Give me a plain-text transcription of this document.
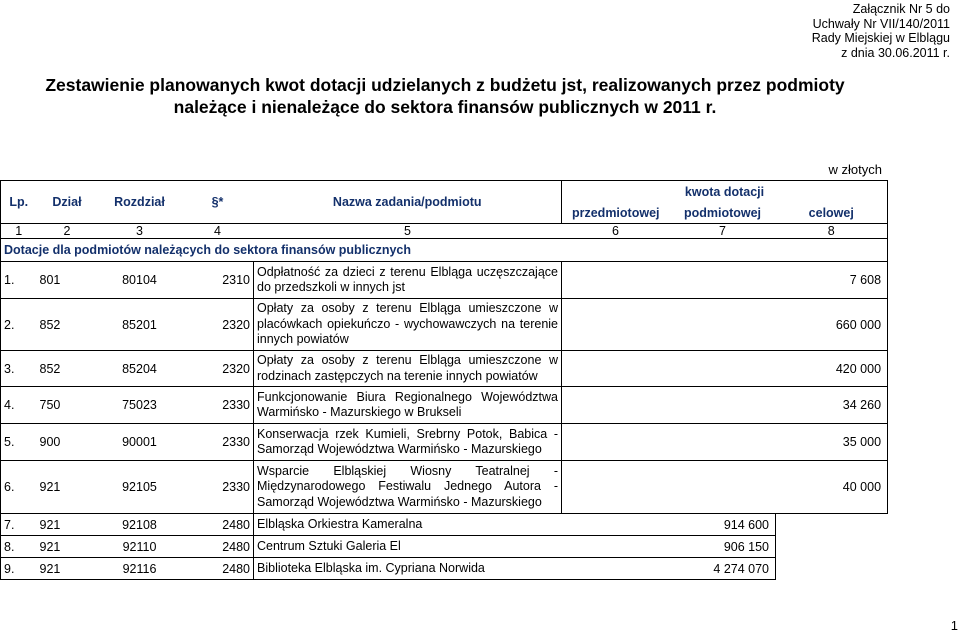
Załącznik Nr 5 do
Uchwały Nr VII/140/2011
Rady Miejskiej w Elblągu
z dnia 30.06.2011 r.
Zestawienie planowanych kwot dotacji udzielanych z budżetu jst, realizowanych przez podmioty
należące i nienależące do sektora finansów publicznych w 2011 r.
w złotych
Lp.	Dział	Rozdział	§*	Nazwa zadania/podmiotu	kwota dotacji		
					przedmiotowej	podmiotowej	celowej
1	2	3	4	5	6	7	8
Dotacje dla podmiotów należących do sektora finansów publicznych							
1.	801	80104	2310	Odpłatność za dzieci z terenu Elbląga uczęszczające
do przedszkoli w innych jst			7 608
2.	852	85201	2320	Opłaty za osoby z terenu Elbląga umieszczone w
placówkach opiekuńczo - wychowawczych na terenie
innych powiatów			660 000
3.	852	85204	2320	Opłaty za osoby z terenu Elbląga umieszczone w
rodzinach zastępczych na terenie innych powiatów			420 000
4.	750	75023	2330	Funkcjonowanie Biura Regionalnego Województwa
Warmińsko - Mazurskiego w Brukseli			34 260
5.	900	90001	2330	Konserwacja rzek Kumieli, Srebrny Potok, Babica -
Samorząd Województwa Warmińsko - Mazurskiego			35 000
6.	921	92105	2330	Wsparcie Elbląskiej Wiosny Teatralnej -
Międzynarodowego Festiwalu Jednego Autora -
Samorząd Województwa Warmińsko - Mazurskiego			40 000
7.	921	92108	2480	Elbląska Orkiestra Kameralna		914 600	
8.	921	92110	2480	Centrum Sztuki Galeria El		906 150	
9.	921	92116	2480	Biblioteka Elbląska im. Cypriana Norwida		4 274 070	
1
